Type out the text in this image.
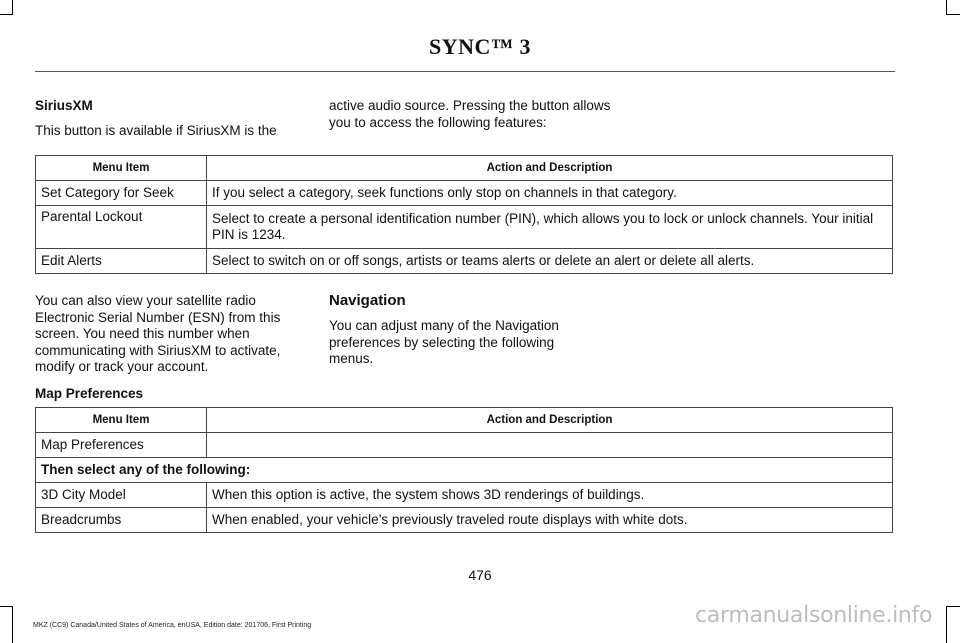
SYNC™ 3
SiriusXM
This button is available if SiriusXM is the
active audio source. Pressing the button allows you to access the following features:
Menu Item	Action and Description
Set Category for Seek	If you select a category, seek functions only stop on channels in that category.
Parental Lockout	Select to create a personal identification number (PIN), which allows you to lock or unlock channels. Your initial PIN is 1234.
Edit Alerts	Select to switch on or off songs, artists or teams alerts or delete an alert or delete all alerts.
You can also view your satellite radio Electronic Serial Number (ESN) from this screen. You need this number when communicating with SiriusXM to activate, modify or track your account.
Navigation
You can adjust many of the Navigation preferences by selecting the following menus.
Map Preferences
Menu Item	Action and Description
Map Preferences	
Then select any of the following:	
3D City Model	When this option is active, the system shows 3D renderings of buildings.
Breadcrumbs	When enabled, your vehicle’s previously traveled route displays with white dots.
476
MKZ (CC9) Canada/United States of America, enUSA, Edition date: 201706, First Printing	carmanualsonline.info
